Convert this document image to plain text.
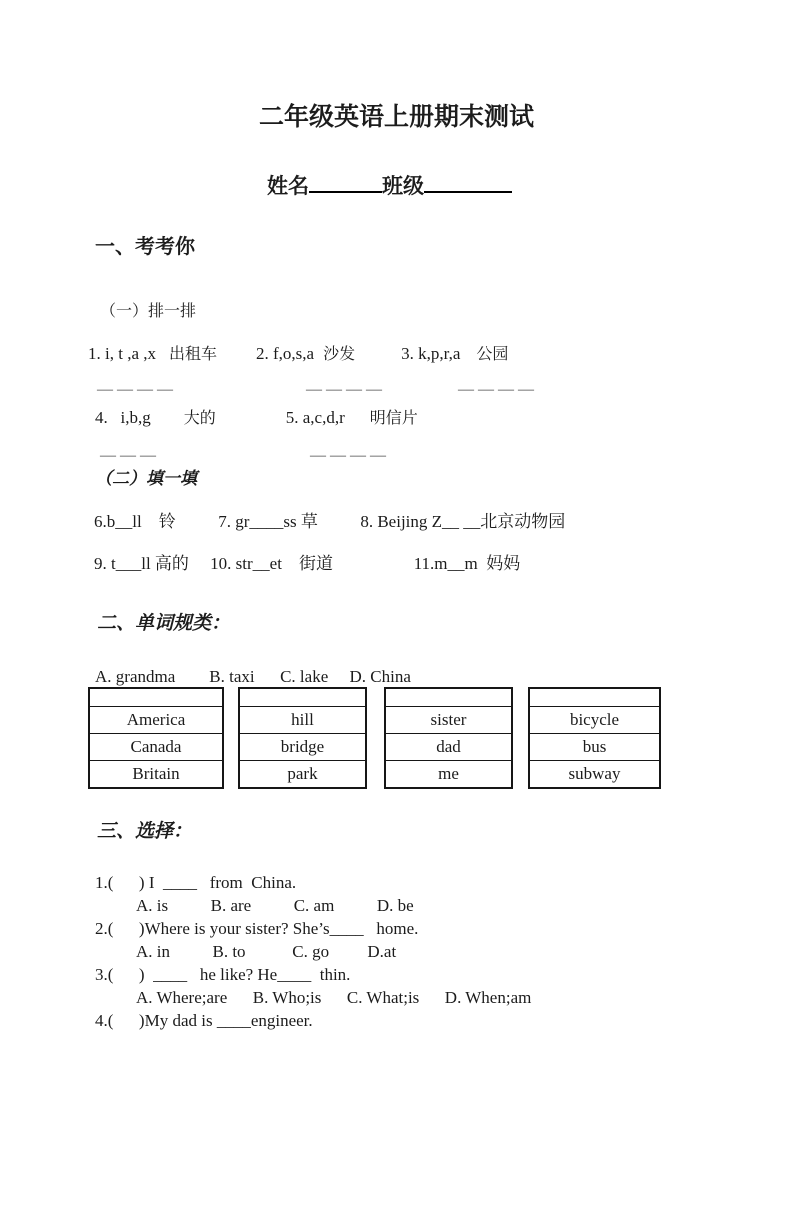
二年级英语上册期末测试
姓名	班级
一、考考你
（一）排一排
1. i, t ,a ,x 出租车 2. f,o,s,a 沙发	3. k,p,r,a 公园
— — — —	— — — —	— — — —
4.   i,b,g 大的	5. a,c,d,r 明信片
— — —	— — — —
（二）填一填
6.b__ll    铃          7. gr____ss 草          8. Beijing Z__ __北京动物园
9. t___ll 高的     10. str__et    街道                   11.m__m  妈妈
二、单词规类：
A. grandma        B. taxi      C. lake     D. China

America
Canada
Britain

hill
bridge
park

sister
dad
me

bicycle
bus
subway
三、选择：
1.(      ) I  ____   from  China.
A. is          B. are          C. am          D. be
2.(      )Where is your sister? She’s____   home.
A. in          B. to           C. go         D.at
3.(      )  ____   he like? He____  thin.
A. Where;are      B. Who;is      C. What;is      D. When;am
4.(      )My dad is ____engineer.
